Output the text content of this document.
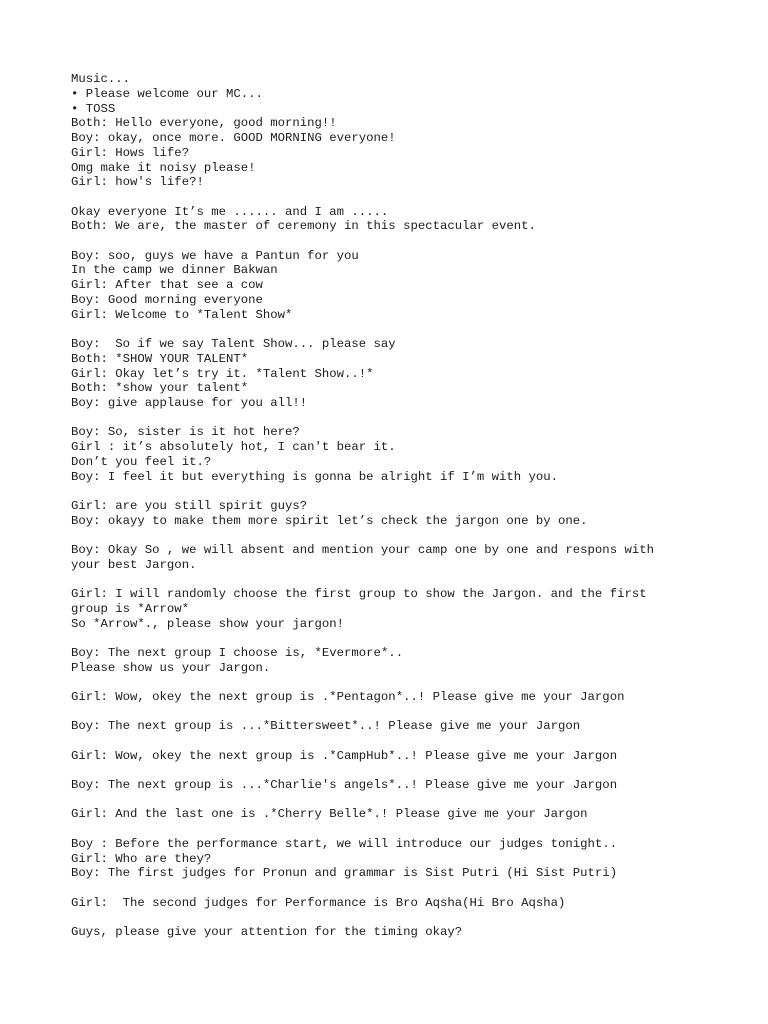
Music...
• Please welcome our MC...
• TOSS
Both: Hello everyone, good morning!!
Boy: okay, once more. GOOD MORNING everyone!
Girl: Hows life?
Omg make it noisy please!
Girl: how's life?!
Okay everyone It’s me ...... and I am .....
Both: We are, the master of ceremony in this spectacular event.
Boy: soo, guys we have a Pantun for you
In the camp we dinner Bakwan
Girl: After that see a cow
Boy: Good morning everyone
Girl: Welcome to *Talent Show*
Boy:  So if we say Talent Show... please say
Both: *SHOW YOUR TALENT*
Girl: Okay let’s try it. *Talent Show..!*
Both: *show your talent*
Boy: give applause for you all!!
Boy: So, sister is it hot here?
Girl : it’s absolutely hot, I can't bear it.
Don’t you feel it.?
Boy: I feel it but everything is gonna be alright if I’m with you.
Girl: are you still spirit guys?
Boy: okayy to make them more spirit let’s check the jargon one by one.
Boy: Okay So , we will absent and mention your camp one by one and respons with
your best Jargon.
Girl: I will randomly choose the first group to show the Jargon. and the first
group is *Arrow*
So *Arrow*., please show your jargon!
Boy: The next group I choose is, *Evermore*..
Please show us your Jargon.
Girl: Wow, okey the next group is .*Pentagon*..! Please give me your Jargon
Boy: The next group is ...*Bittersweet*..! Please give me your Jargon
Girl: Wow, okey the next group is .*CampHub*..! Please give me your Jargon
Boy: The next group is ...*Charlie's angels*..! Please give me your Jargon
Girl: And the last one is .*Cherry Belle*.! Please give me your Jargon
Boy : Before the performance start, we will introduce our judges tonight..
Girl: Who are they?
Boy: The first judges for Pronun and grammar is Sist Putri (Hi Sist Putri)
Girl:  The second judges for Performance is Bro Aqsha(Hi Bro Aqsha)
Guys, please give your attention for the timing okay?
